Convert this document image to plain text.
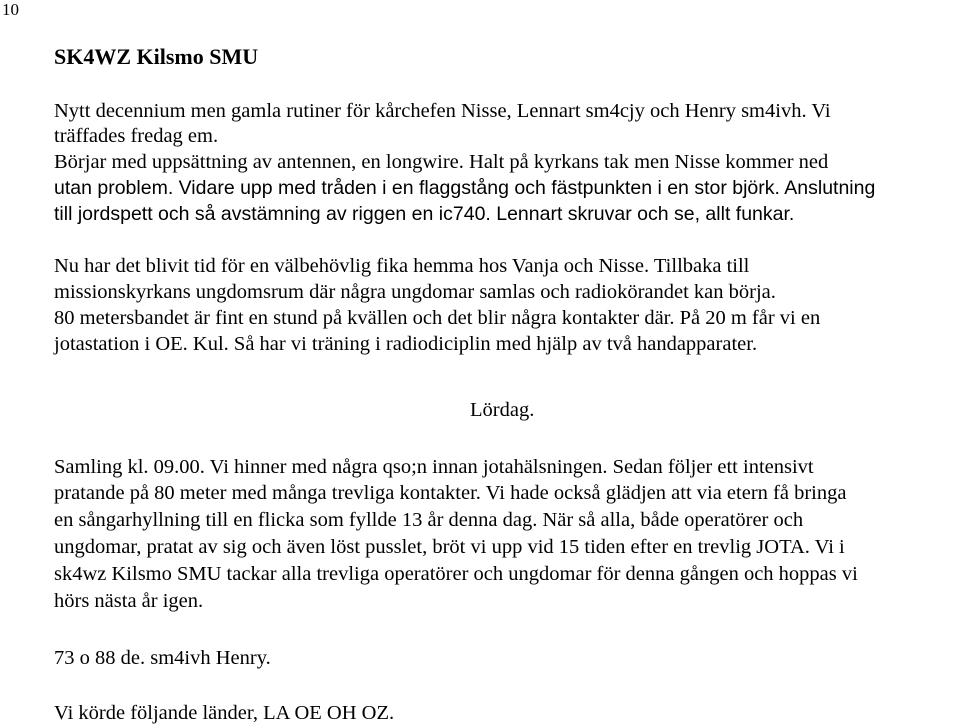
10
SK4WZ Kilsmo SMU

Nytt decennium men gamla rutiner för kårchefen Nisse, Lennart sm4cjy och Henry sm4ivh. Vi

träffades fredag em.

Börjar med uppsättning av antennen, en longwire. Halt på kyrkans tak men Nisse kommer ned

utan problem. Vidare upp med tråden i en flaggstång och fästpunkten i en stor björk. Anslutning

till jordspett och så avstämning av riggen en ic740. Lennart skruvar och se, allt funkar.

Nu har det blivit tid för en välbehövlig fika hemma hos Vanja och Nisse. Tillbaka till

missionskyrkans ungdomsrum där några ungdomar samlas och radiokörandet kan börja.

80 metersbandet är fint en stund på kvällen och det blir några kontakter där. På 20 m får vi en

jotastation i OE. Kul. Så har vi träning i radiodiciplin med hjälp av två handapparater.

Lördag.

Samling kl. 09.00. Vi hinner med några qso;n innan jotahälsningen. Sedan följer ett intensivt

pratande på 80 meter med många trevliga kontakter. Vi hade också glädjen att via etern få bringa

en sångarhyllning till en flicka som fyllde 13 år denna dag. När så alla, både operatörer och

ungdomar, pratat av sig och även löst pusslet, bröt vi upp vid 15 tiden efter en trevlig JOTA. Vi i

sk4wz Kilsmo SMU tackar alla trevliga operatörer och ungdomar för denna gången och hoppas vi

hörs nästa år igen.

73 o 88 de. sm4ivh Henry.

Vi körde följande länder, LA OE OH OZ.
